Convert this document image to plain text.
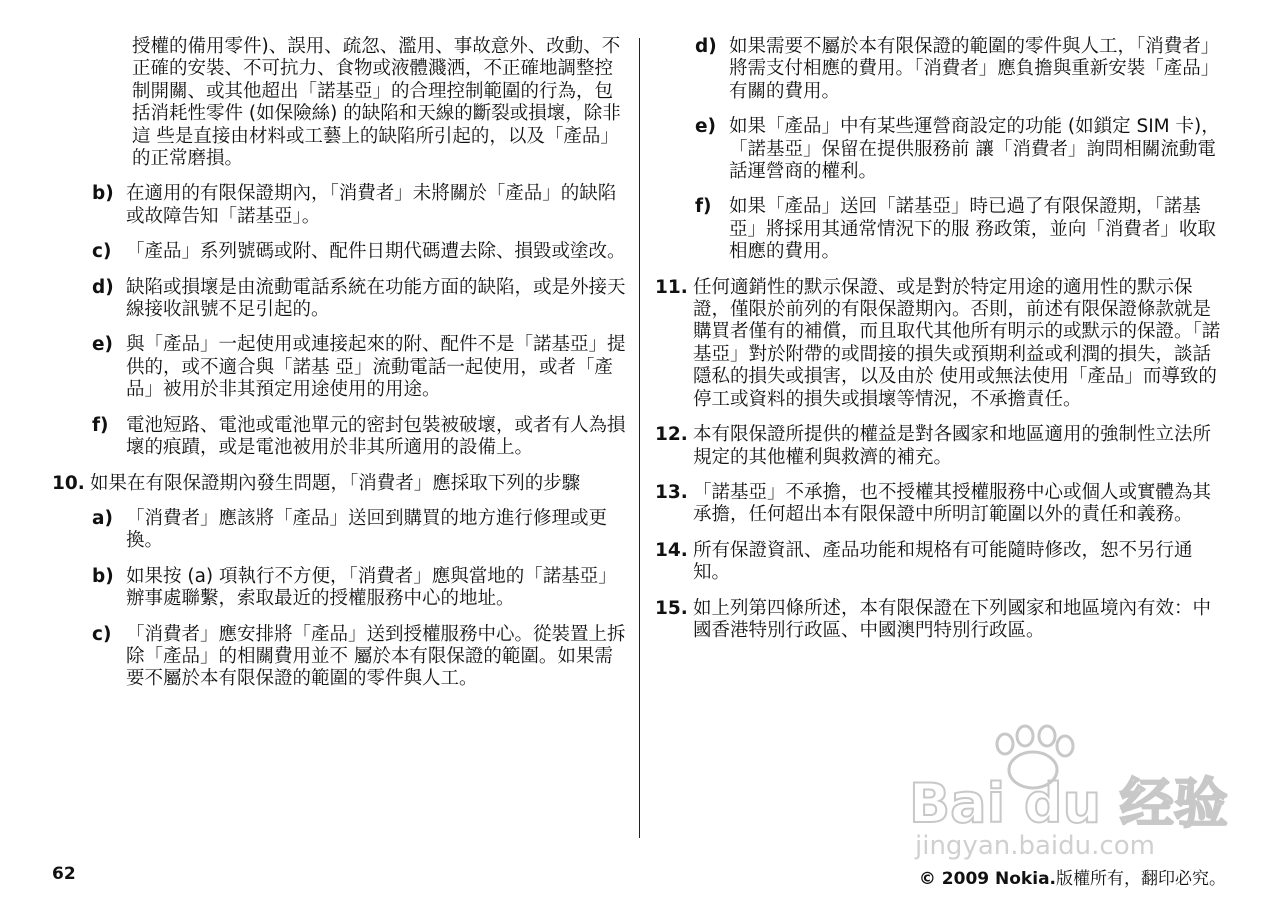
授權的備用零件)、誤用、疏忽、濫用、事故意外、改動、不正確的安裝、不可抗力、食物或液體濺洒，不正確地調整控制開關、或其他超出「諾基亞」的合理控制範圍的行為，包括消耗性零件 (如保險絲) 的缺陷和天線的斷裂或損壞，除非這 些是直接由材料或工藝上的缺陷所引起的，以及「產品」的正常磨損。
b) 在適用的有限保證期內，「消費者」未將關於「產品」的缺陷或故障告知「諾基亞」。
c) 「產品」系列號碼或附、配件日期代碼遭去除、損毀或塗改。
d) 缺陷或損壞是由流動電話系統在功能方面的缺陷，或是外接天線接收訊號不足引起的。
e) 與「產品」一起使用或連接起來的附、配件不是「諾基亞」提供的，或不適合與「諾基 亞」流動電話一起使用，或者「產品」被用於非其預定用途使用的用途。
f) 電池短路、電池或電池單元的密封包裝被破壞，或者有人為損壞的痕蹟，或是電池被用於非其所適用的設備上。
10. 如果在有限保證期內發生問題，「消費者」應採取下列的步驟
a) 「消費者」應該將「產品」送回到購買的地方進行修理或更換。
b) 如果按 (a) 項執行不方便，「消費者」應與當地的「諾基亞」辦事處聯繫，索取最近的授權服務中心的地址。
c) 「消費者」應安排將「產品」送到授權服務中心。從裝置上拆除「產品」的相關費用並不 屬於本有限保證的範圍。如果需要不屬於本有限保證的範圍的零件與人工。
d) 如果需要不屬於本有限保證的範圍的零件與人工，「消費者」將需支付相應的費用。「消費者」應負擔與重新安裝「產品」有關的費用。
e) 如果「產品」中有某些運營商設定的功能 (如鎖定 SIM 卡)，「諾基亞」保留在提供服務前 讓「消費者」詢問相關流動電話運營商的權利。
f) 如果「產品」送回「諾基亞」時已過了有限保證期，「諾基亞」將採用其通常情況下的服 務政策，並向「消費者」收取相應的費用。
11. 任何適銷性的默示保證、或是對於特定用途的適用性的默示保證，僅限於前列的有限保證期內。否則，前述有限保證條款就是購買者僅有的補償，而且取代其他所有明示的或默示的保證。「諾 基亞」對於附帶的或間接的損失或預期利益或利潤的損失，談話隱私的損失或損害，以及由於 使用或無法使用「產品」而導致的停工或資料的損失或損壞等情況，不承擔責任。
12. 本有限保證所提供的權益是對各國家和地區適用的強制性立法所規定的其他權利與救濟的補充。
13. 「諾基亞」不承擔，也不授權其授權服務中心或個人或實體為其承擔，任何超出本有限保證中所明訂範圍以外的責任和義務。
14. 所有保證資訊、產品功能和規格有可能隨時修改，恕不另行通知。
15. 如上列第四條所述，本有限保證在下列國家和地區境內有效：中國香港特別行政區、中國澳門特別行政區。
Bai du 经验
jingyan.baidu.com
62	© 2009 Nokia.版權所有，翻印必究。
